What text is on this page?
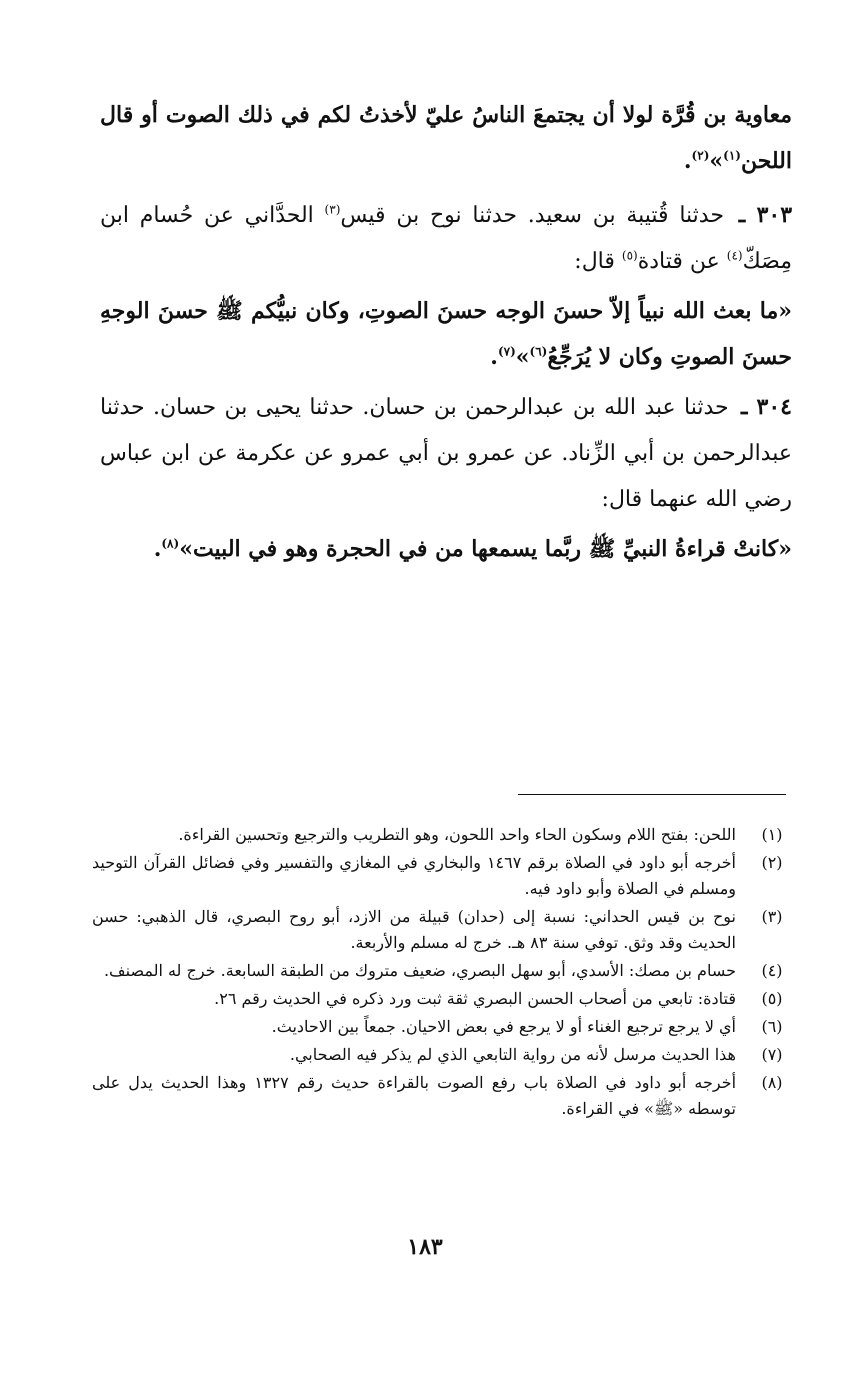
معاوية بن قُرَّة لولا أن يجتمعَ الناسُ عليّ لأخذتُ لكم في ذلك الصوت أو قال اللحن$^{(١)}$»$^{(٢)}$.

٣٠٣ ـ حدثنا قُتيبة بن سعيد. حدثنا نوح بن قيس$^{(٣)}$ الحدَّاني عن حُسام ابن مِصَكّ$^{(٤)}$ عن قتادة$^{(٥)}$ قال:

«ما بعث الله نبياً إلاّ حسنَ الوجه حسنَ الصوتِ، وكان نبيُّكم ﷺ حسنَ الوجهِ حسنَ الصوتِ وكان لا يُرَجِّعُ$^{(٦)}$»$^{(٧)}$.

٣٠٤ ـ حدثنا عبد الله بن عبدالرحمن بن حسان. حدثنا يحيى بن حسان. حدثنا عبدالرحمن بن أبي الزِّناد. عن عمرو بن أبي عمرو عن عكرمة عن ابن عباس رضي الله عنهما قال:

«كانتْ قراءةُ النبيِّ ﷺ ربَّما يسمعها من في الحجرة وهو في البيت»$^{(٨)}$.

(١)
اللحن: بفتح اللام وسكون الحاء واحد اللحون، وهو التطريب والترجيع وتحسين القراءة.
(٢)
أخرجه أبو داود في الصلاة برقم ١٤٦٧ والبخاري في المغازي والتفسير وفي فضائل القرآن التوحيد ومسلم في الصلاة وأبو داود فيه.
(٣)
نوح بن قيس الحداني: نسبة إلى (حدان) قبيلة من الازد، أبو روح البصري، قال الذهبي: حسن الحديث وقد وثق. توفي سنة ٨٣ هـ. خرج له مسلم والأربعة.
(٤)
حسام بن مصك: الأسدي، أبو سهل البصري، ضعيف متروك من الطبقة السابعة. خرج له المصنف.
(٥)
قتادة: تابعي من أصحاب الحسن البصري ثقة ثبت ورد ذكره في الحديث رقم ٢٦.
(٦)
أي لا يرجع ترجيع الغناء أو لا يرجع في بعض الاحيان. جمعاً بين الاحاديث.
(٧)
هذا الحديث مرسل لأنه من رواية التابعي الذي لم يذكر فيه الصحابي.
(٨)
أخرجه أبو داود في الصلاة باب رفع الصوت بالقراءة حديث رقم ١٣٢٧ وهذا الحديث يدل على توسطه «ﷺ» في القراءة.
١٨٣
